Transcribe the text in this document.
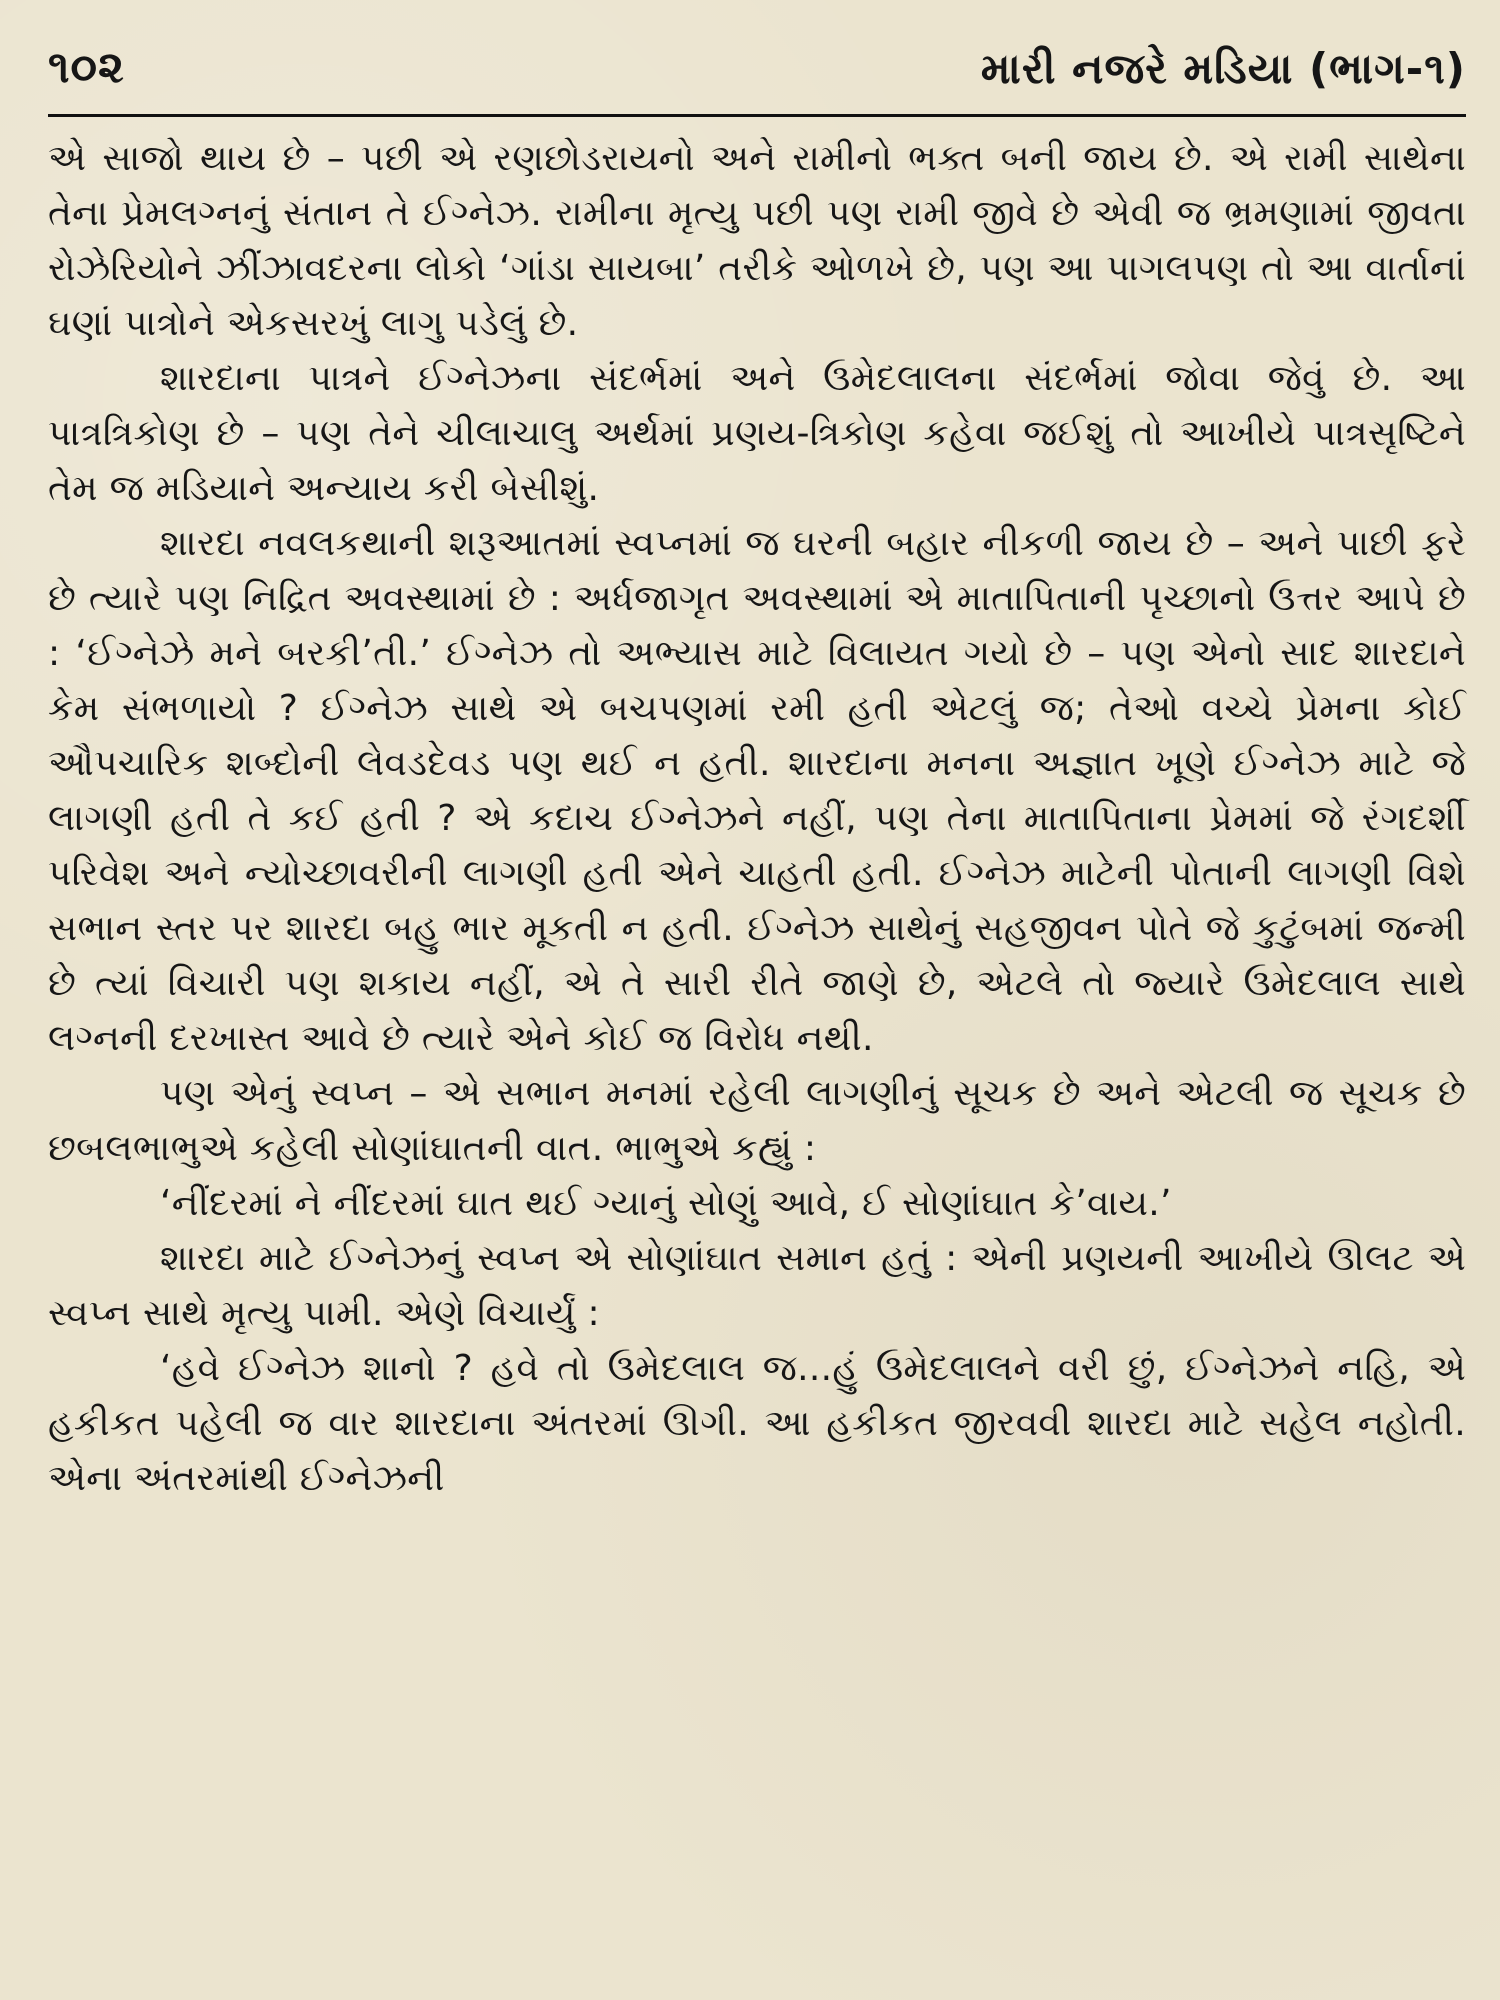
૧૦૨	મારી નજરે મડિયા (ભાગ-૧)

એ સાજો થાય છે – પછી એ રણછોડરાયનો અને રામીનો ભક્ત બની જાય છે. એ રામી સાથેના તેના પ્રેમલગ્નનું સંતાન તે ઈગ્નેઝ. રામીના મૃત્યુ પછી પણ રામી જીવે છે એવી જ ભ્રમણામાં જીવતા રોઝેરિયોને ઝીંઝાવદરના લોકો ‘ગાંડા સાયબા’ તરીકે ઓળખે છે, પણ આ પાગલપણ તો આ વાર્તાનાં ઘણાં પાત્રોને એકસરખું લાગુ પડેલું છે.

શારદાના પાત્રને ઈગ્નેઝના સંદર્ભમાં અને ઉમેદલાલના સંદર્ભમાં જોવા જેવું છે. આ પાત્રત્રિકોણ છે – પણ તેને ચીલાચાલુ અર્થમાં પ્રણય-ત્રિકોણ કહેવા જઈશું તો આખીયે પાત્રસૃષ્ટિને તેમ જ મડિયાને અન્યાય કરી બેસીશું.

શારદા નવલકથાની શરૂઆતમાં સ્વપ્નમાં જ ઘરની બહાર નીકળી જાય છે – અને પાછી ફરે છે ત્યારે પણ નિદ્રિત અવસ્થામાં છે : અર્ધજાગૃત અવસ્થામાં એ માતાપિતાની પૃચ્છાનો ઉત્તર આપે છે : ‘ઈગ્નેઝે મને બરકી’તી.’ ઈગ્નેઝ તો અભ્યાસ માટે વિલાયત ગયો છે – પણ એનો સાદ શારદાને કેમ સંભળાયો ? ઈગ્નેઝ સાથે એ બચપણમાં રમી હતી એટલું જ; તેઓ વચ્ચે પ્રેમના કોઈ ઔપચારિક શબ્દોની લેવડદેવડ પણ થઈ ન હતી. શારદાના મનના અજ્ઞાત ખૂણે ઈગ્નેઝ માટે જે લાગણી હતી તે કઈ હતી ? એ કદાચ ઈગ્નેઝને નહીં, પણ તેના માતાપિતાના પ્રેમમાં જે રંગદર્શી પરિવેશ અને ન્યોચ્છાવરીની લાગણી હતી એને ચાહતી હતી. ઈગ્નેઝ માટેની પોતાની લાગણી વિશે સભાન સ્તર પર શારદા બહુ ભાર મૂકતી ન હતી. ઈગ્નેઝ સાથેનું સહજીવન પોતે જે કુટુંબમાં જન્મી છે ત્યાં વિચારી પણ શકાય નહીં, એ તે સારી રીતે જાણે છે, એટલે તો જ્યારે ઉમેદલાલ સાથે લગ્નની દરખાસ્ત આવે છે ત્યારે એને કોઈ જ વિરોધ નથી.

પણ એનું સ્વપ્ન – એ સભાન મનમાં રહેલી લાગણીનું સૂચક છે અને એટલી જ સૂચક છે છબલભાભુએ કહેલી સોણાંઘાતની વાત. ભાભુએ કહ્યું :

‘નીંદરમાં ને નીંદરમાં ઘાત થઈ ગ્યાનું સોણું આવે, ઈ સોણાંઘાત કે’વાય.’

શારદા માટે ઈગ્નેઝનું સ્વપ્ન એ સોણાંઘાત સમાન હતું : એની પ્રણયની આખીયે ઊલટ એ સ્વપ્ન સાથે મૃત્યુ પામી. એણે વિચાર્યું :

‘હવે ઈગ્નેઝ શાનો ? હવે તો ઉમેદલાલ જ...હું ઉમેદલાલને વરી છું, ઈગ્નેઝને નહિ, એ હકીકત પહેલી જ વાર શારદાના અંતરમાં ઊગી. આ હકીકત જીરવવી શારદા માટે સહેલ નહોતી. એના અંતરમાંથી ઈગ્નેઝની
